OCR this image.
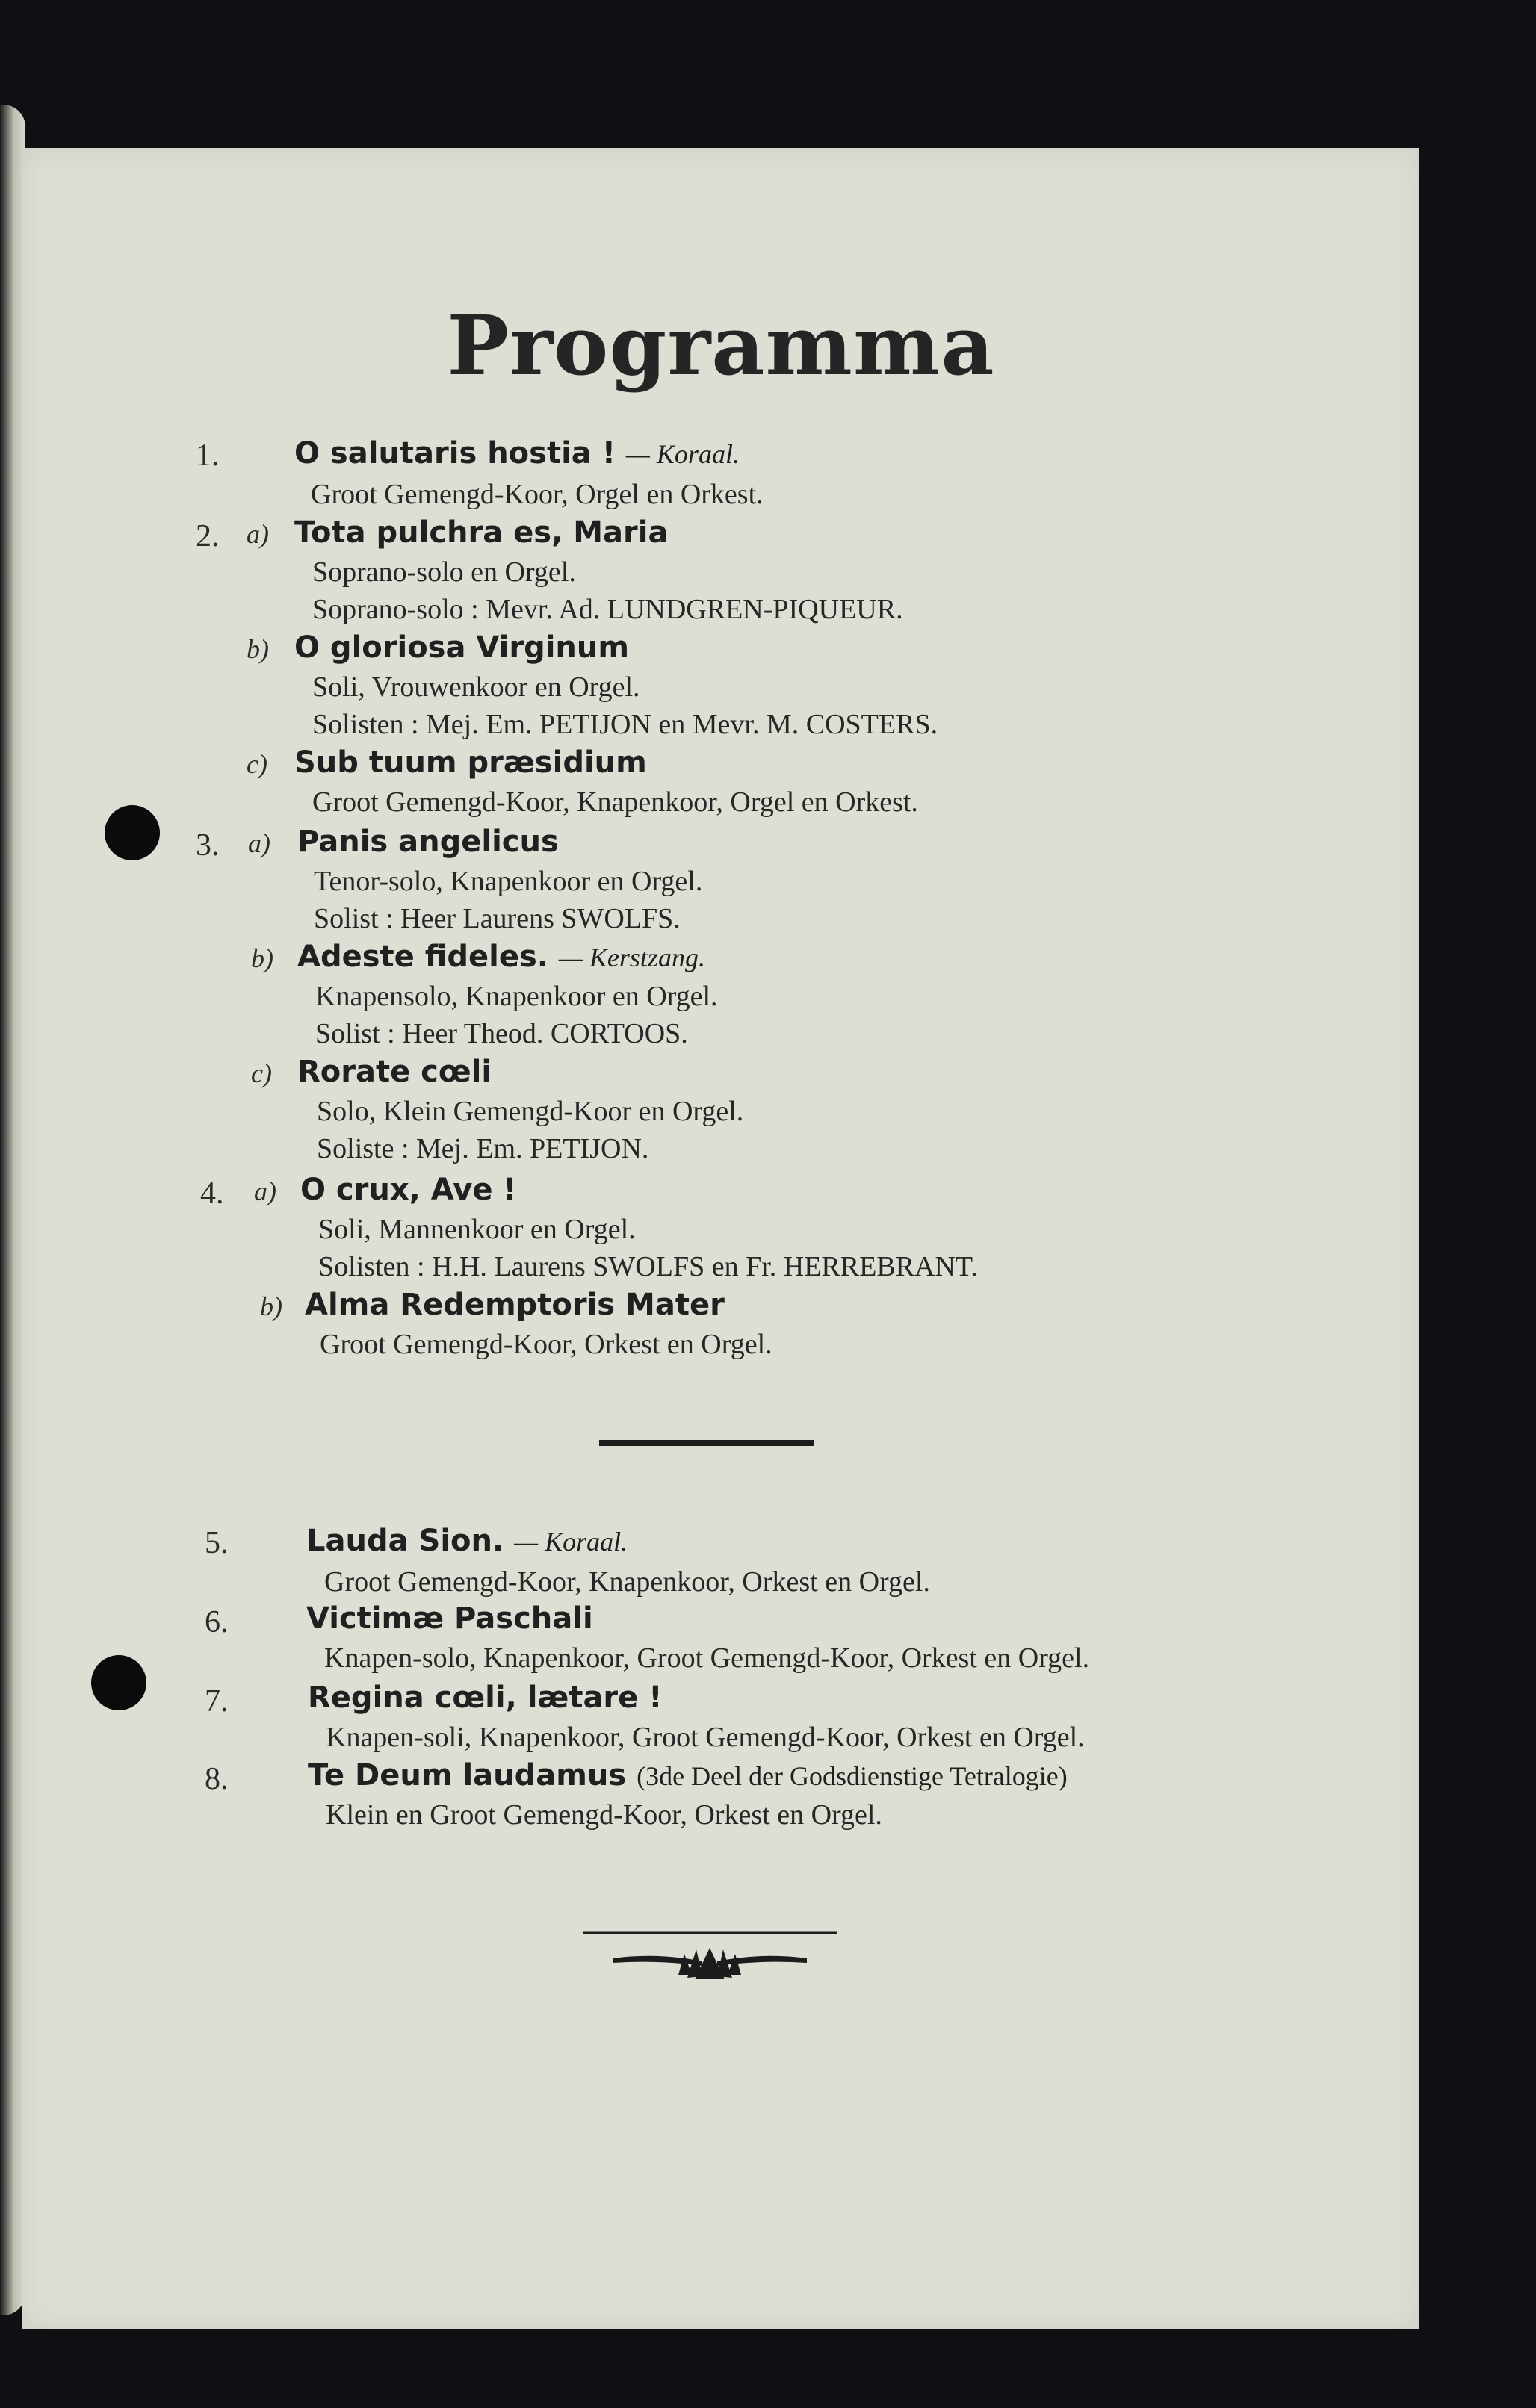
Programma
1.	O salutaris hostia ! — Koraal.
Groot Gemengd-Koor, Orgel en Orkest.
2. a) Tota pulchra es, Maria
Soprano-solo en Orgel.
Soprano-solo : Mevr. Ad. LUNDGREN-PIQUEUR.
b) O gloriosa Virginum
Soli, Vrouwenkoor en Orgel.
Solisten : Mej. Em. PETIJON en Mevr. M. COSTERS.
c) Sub tuum præsidium
Groot Gemengd-Koor, Knapenkoor, Orgel en Orkest.
3. a) Panis angelicus
Tenor-solo, Knapenkoor en Orgel.
Solist : Heer Laurens SWOLFS.
b) Adeste fideles. — Kerstzang.
Knapensolo, Knapenkoor en Orgel.
Solist : Heer Theod. CORTOOS.
c) Rorate cœli
Solo, Klein Gemengd-Koor en Orgel.
Soliste : Mej. Em. PETIJON.
4. a) O crux, Ave !
Soli, Mannenkoor en Orgel.
Solisten : H.H. Laurens SWOLFS en Fr. HERREBRANT.
b) Alma Redemptoris Mater
Groot Gemengd-Koor, Orkest en Orgel.
5.	Lauda Sion. — Koraal.
Groot Gemengd-Koor, Knapenkoor, Orkest en Orgel.
6.	Victimæ Paschali
Knapen-solo, Knapenkoor, Groot Gemengd-Koor, Orkest en Orgel.
7.	Regina cœli, lætare !
Knapen-soli, Knapenkoor, Groot Gemengd-Koor, Orkest en Orgel.
8.	Te Deum laudamus (3de Deel der Godsdienstige Tetralogie)
Klein en Groot Gemengd-Koor, Orkest en Orgel.
